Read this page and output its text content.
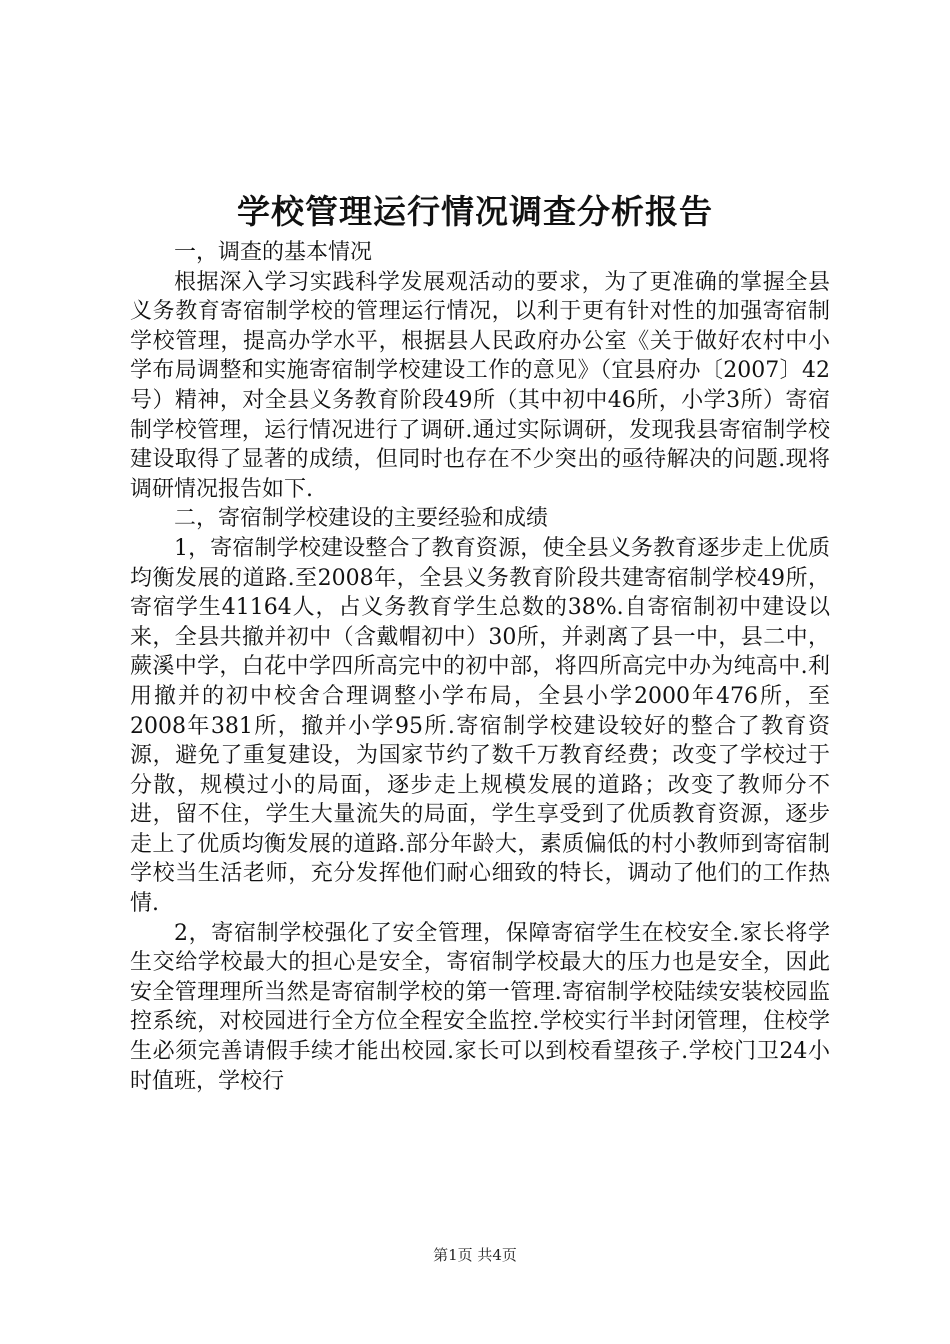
学校管理运行情况调查分析报告

一，调查的基本情况

根据深入学习实践科学发展观活动的要求，为了更准确的掌握全县义务教育寄宿制学校的管理运行情况，以利于更有针对性的加强寄宿制学校管理，提高办学水平，根据县人民政府办公室《关于做好农村中小学布局调整和实施寄宿制学校建设工作的意见》（宜县府办〔2007〕42号）精神，对全县义务教育阶段49所（其中初中46所，小学3所）寄宿制学校管理，运行情况进行了调研.通过实际调研，发现我县寄宿制学校建设取得了显著的成绩，但同时也存在不少突出的亟待解决的问题.现将调研情况报告如下.

二，寄宿制学校建设的主要经验和成绩

1，寄宿制学校建设整合了教育资源，使全县义务教育逐步走上优质均衡发展的道路.至2008年，全县义务教育阶段共建寄宿制学校49所，寄宿学生41164人，占义务教育学生总数的38%.自寄宿制初中建设以来，全县共撤并初中（含戴帽初中）30所，并剥离了县一中，县二中，蕨溪中学，白花中学四所高完中的初中部，将四所高完中办为纯高中.利用撤并的初中校舍合理调整小学布局，全县小学2000年476所，至2008年381所，撤并小学95所.寄宿制学校建设较好的整合了教育资源，避免了重复建设，为国家节约了数千万教育经费；改变了学校过于分散，规模过小的局面，逐步走上规模发展的道路；改变了教师分不进，留不住，学生大量流失的局面，学生享受到了优质教育资源，逐步走上了优质均衡发展的道路.部分年龄大，素质偏低的村小教师到寄宿制学校当生活老师，充分发挥他们耐心细致的特长，调动了他们的工作热情.

2，寄宿制学校强化了安全管理，保障寄宿学生在校安全.家长将学生交给学校最大的担心是安全，寄宿制学校最大的压力也是安全，因此安全管理理所当然是寄宿制学校的第一管理.寄宿制学校陆续安装校园监控系统，对校园进行全方位全程安全监控.学校实行半封闭管理，住校学生必须完善请假手续才能出校园.家长可以到校看望孩子.学校门卫24小时值班，学校行

第1页 共4页
